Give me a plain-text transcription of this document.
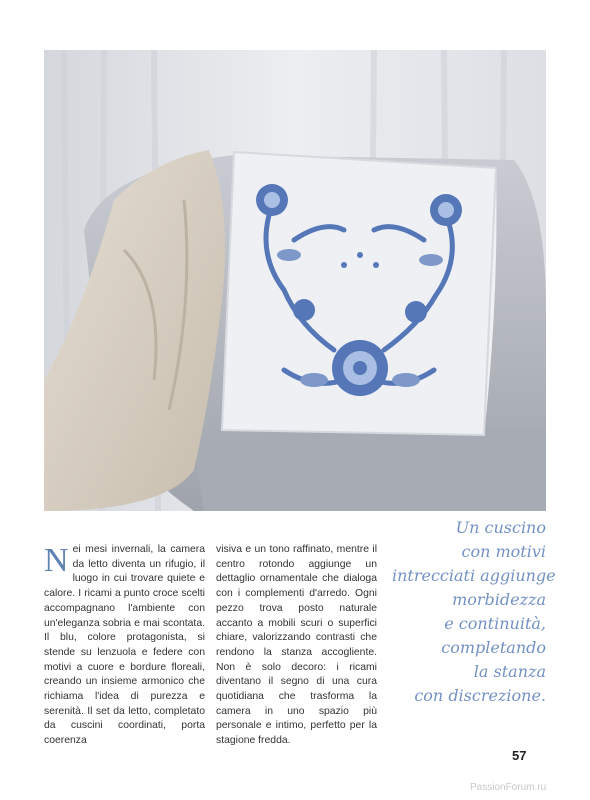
Nei mesi invernali, la camera da letto diventa un rifugio, il luogo in cui trovare quiete e calore. I ricami a punto croce scelti accompagnano l'ambiente con un'eleganza sobria e mai scontata. Il blu, colore protagonista, si stende su lenzuola e federe con motivi a cuore e bordure floreali, creando un insieme armonico che richiama l'idea di purezza e serenità. Il set da letto, completato da cuscini coordinati, porta coerenza

visiva e un tono raffinato, mentre il centro rotondo aggiunge un dettaglio ornamentale che dialoga con i complementi d'arredo. Ogni pezzo trova posto naturale accanto a mobili scuri o superfici chiare, valorizzando contrasti che rendono la stanza accogliente. Non è solo decoro: i ricami diventano il segno di una cura quotidiana che trasforma la camera in uno spazio più personale e intimo, perfetto per la stagione fredda.

Un cuscino
con motivi
intrecciati aggiunge
morbidezza
e continuità,
completando
la stanza
con discrezione.
57
PassionForum.ru
